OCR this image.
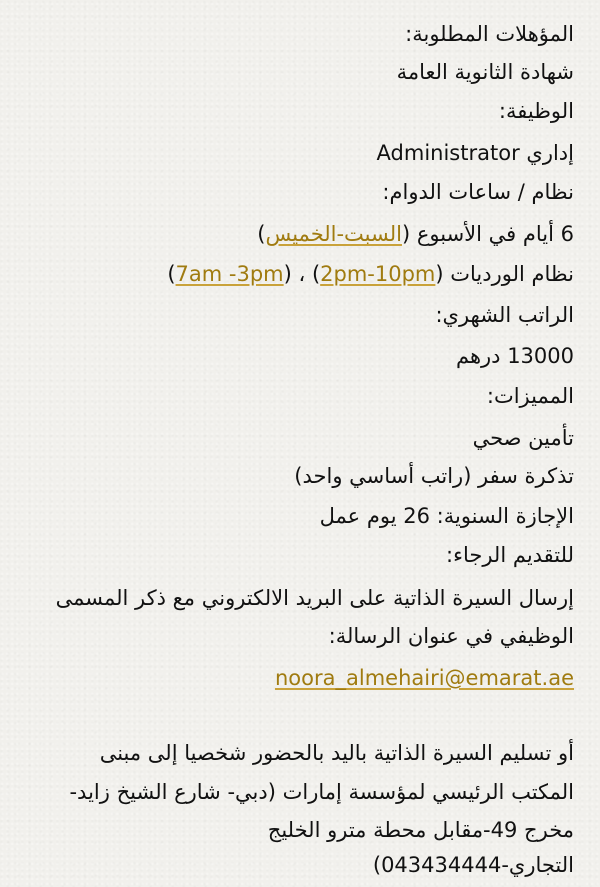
المؤهلات المطلوبة:
شهادة الثانوية العامة
الوظيفة:
إداري Administrator
نظام / ساعات الدوام:
6 أيام في الأسبوع (السبت-الخميس)
نظام الورديات (2pm-10pm) ، (7am -3pm)
الراتب الشهري:
13000 درهم
المميزات:
تأمين صحي
تذكرة سفر (راتب أساسي واحد)
الإجازة السنوية: 26 يوم عمل
للتقديم الرجاء:
إرسال السيرة الذاتية على البريد الالكتروني مع ذكر المسمى
الوظيفي في عنوان الرسالة:
noora_almehairi@emarat.ae
أو تسليم السيرة الذاتية باليد بالحضور شخصيا إلى مبنى
المكتب الرئيسي لمؤسسة إمارات (دبي- شارع الشيخ زايد-
مخرج 49-مقابل محطة مترو الخليج
التجاري-043434444)
